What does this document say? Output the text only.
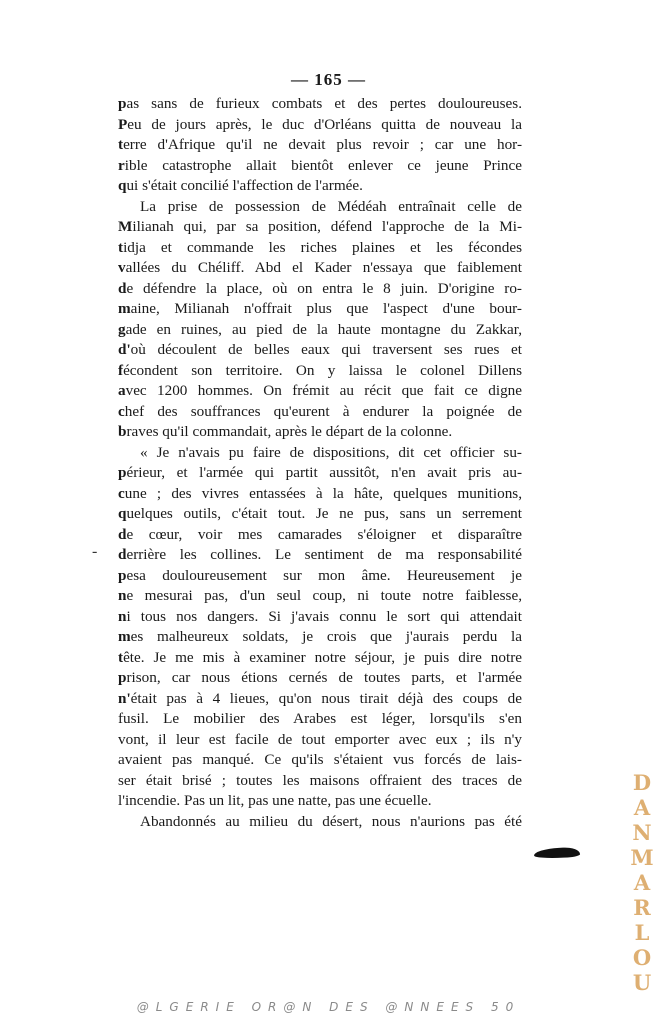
— 165 —
pas sans de furieux combats et des pertes douloureuses.
Peu de jours après, le duc d'Orléans quitta de nouveau la
terre d'Afrique qu'il ne devait plus revoir ; car une hor-
rible catastrophe allait bientôt enlever ce jeune Prince
qui s'était concilié l'affection de l'armée.
La prise de possession de Médéah entraînait celle de
Milianah qui, par sa position, défend l'approche de la Mi-
tidja et commande les riches plaines et les fécondes
vallées du Chéliff. Abd el Kader n'essaya que faiblement
de défendre la place, où on entra le 8 juin. D'origine ro-
maine, Milianah n'offrait plus que l'aspect d'une bour-
gade en ruines, au pied de la haute montagne du Zakkar,
d'où découlent de belles eaux qui traversent ses rues et
fécondent son territoire. On y laissa le colonel Dillens
avec 1200 hommes. On frémit au récit que fait ce digne
chef des souffrances qu'eurent à endurer la poignée de
braves qu'il commandait, après le départ de la colonne.
« Je n'avais pu faire de dispositions, dit cet officier su-
périeur, et l'armée qui partit aussitôt, n'en avait pris au-
cune ; des vivres entassées à la hâte, quelques munitions,
quelques outils, c'était tout. Je ne pus, sans un serrement
de cœur, voir mes camarades s'éloigner et disparaître
derrière les collines. Le sentiment de ma responsabilité
pesa douloureusement sur mon âme. Heureusement je
ne mesurai pas, d'un seul coup, ni toute notre faiblesse,
ni tous nos dangers. Si j'avais connu le sort qui attendait
mes malheureux soldats, je crois que j'aurais perdu la
tête. Je me mis à examiner notre séjour, je puis dire notre
prison, car nous étions cernés de toutes parts, et l'armée
n'était pas à 4 lieues, qu'on nous tirait déjà des coups de
fusil. Le mobilier des Arabes est léger, lorsqu'ils s'en
vont, il leur est facile de tout emporter avec eux ; ils n'y
avaient pas manqué. Ce qu'ils s'étaient vus forcés de lais-
ser était brisé ; toutes les maisons offraient des traces de
l'incendie. Pas un lit, pas une natte, pas une écuelle.
Abandonnés au milieu du désert, nous n'aurions pas été
-
DANMARLOU
@LGERIE OR@N DES @NNEES 50
